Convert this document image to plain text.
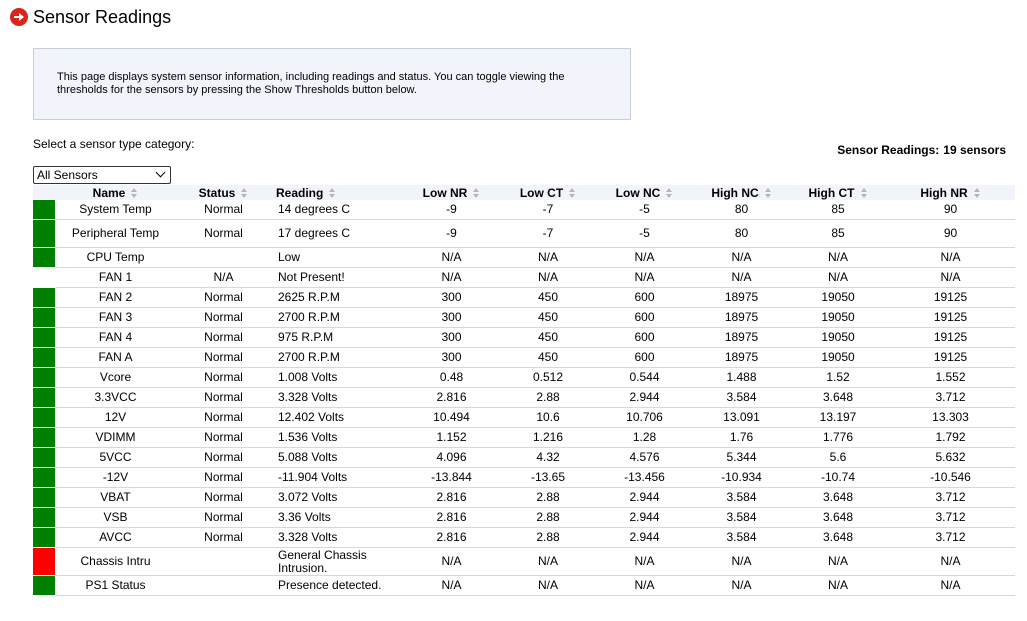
Sensor Readings
This page displays system sensor information, including readings and status. You can toggle viewing the thresholds for the sensors by pressing the Show Thresholds button below.
Select a sensor type category:	Sensor Readings: 19 sensors
All Sensors
	Name	Status	Reading	Low NR	Low CT	Low NC	High NC	High CT	High NR

	System Temp	Normal	14 degrees C	-9	-7	-5	80	85	90

	Peripheral Temp	Normal	17 degrees C	-9	-7	-5	80	85	90

	CPU Temp		Low	N/A	N/A	N/A	N/A	N/A	N/A

	FAN 1	N/A	Not Present!	N/A	N/A	N/A	N/A	N/A	N/A

	FAN 2	Normal	2625 R.P.M	300	450	600	18975	19050	19125

	FAN 3	Normal	2700 R.P.M	300	450	600	18975	19050	19125

	FAN 4	Normal	975 R.P.M	300	450	600	18975	19050	19125

	FAN A	Normal	2700 R.P.M	300	450	600	18975	19050	19125

	Vcore	Normal	1.008 Volts	0.48	0.512	0.544	1.488	1.52	1.552

	3.3VCC	Normal	3.328 Volts	2.816	2.88	2.944	3.584	3.648	3.712

	12V	Normal	12.402 Volts	10.494	10.6	10.706	13.091	13.197	13.303

	VDIMM	Normal	1.536 Volts	1.152	1.216	1.28	1.76	1.776	1.792

	5VCC	Normal	5.088 Volts	4.096	4.32	4.576	5.344	5.6	5.632

	-12V	Normal	-11.904 Volts	-13.844	-13.65	-13.456	-10.934	-10.74	-10.546

	VBAT	Normal	3.072 Volts	2.816	2.88	2.944	3.584	3.648	3.712

	VSB	Normal	3.36 Volts	2.816	2.88	2.944	3.584	3.648	3.712

	AVCC	Normal	3.328 Volts	2.816	2.88	2.944	3.584	3.648	3.712

	Chassis Intru		General Chassis Intrusion.	N/A	N/A	N/A	N/A	N/A	N/A

	PS1 Status		Presence detected.	N/A	N/A	N/A	N/A	N/A	N/A
